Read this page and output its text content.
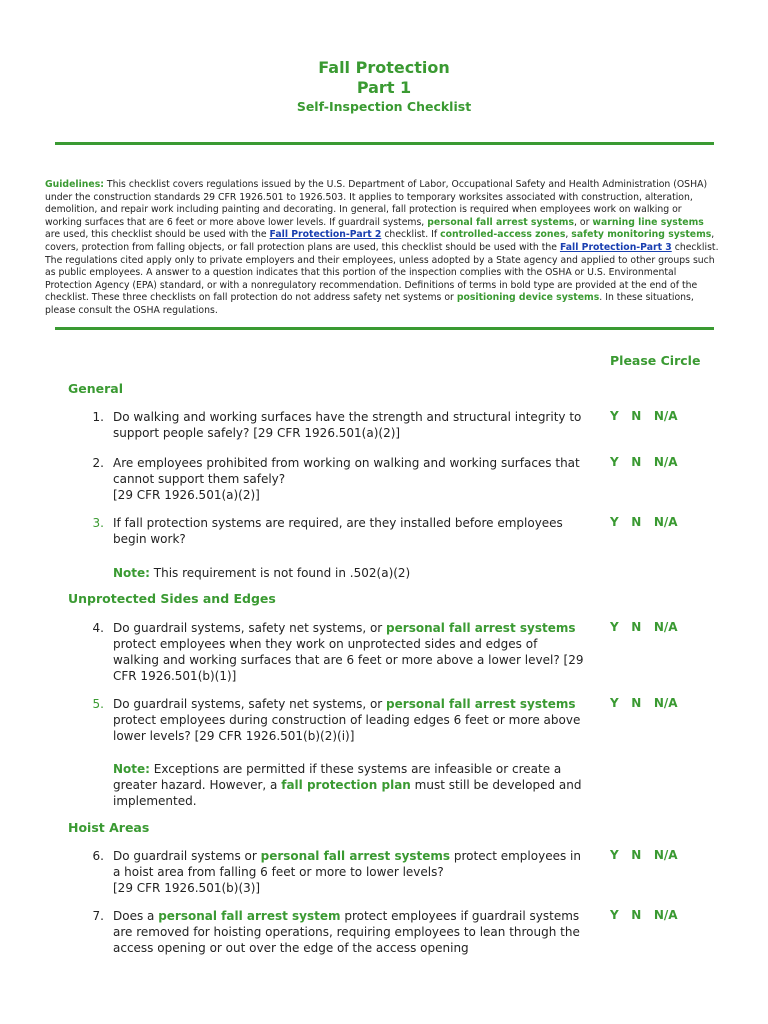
Fall Protection
Part 1
Self-Inspection Checklist
Guidelines: This checklist covers regulations issued by the U.S. Department of Labor, Occupational Safety and Health Administration (OSHA) under the construction standards 29 CFR 1926.501 to 1926.503. It applies to temporary worksites associated with construction, alteration, demolition, and repair work including painting and decorating. In general, fall protection is required when employees work on walking or working surfaces that are 6 feet or more above lower levels. If guardrail systems, personal fall arrest systems, or warning line systems are used, this checklist should be used with the Fall Protection-Part 2 checklist. If controlled-access zones, safety monitoring systems, covers, protection from falling objects, or fall protection plans are used, this checklist should be used with the Fall Protection-Part 3 checklist. The regulations cited apply only to private employers and their employees, unless adopted by a State agency and applied to other groups such as public employees. A answer to a question indicates that this portion of the inspection complies with the OSHA or U.S. Environmental Protection Agency (EPA) standard, or with a nonregulatory recommendation. Definitions of terms in bold type are provided at the end of the checklist. These three checklists on fall protection do not address safety net systems or positioning device systems. In these situations, please consult the OSHA regulations.
Please Circle
General
1. Do walking and working surfaces have the strength and structural integrity to support people safely? [29 CFR 1926.501(a)(2)]
Y N N/A
2. Are employees prohibited from working on walking and working surfaces that cannot support them safely?
[29 CFR 1926.501(a)(2)]
Y N N/A
3. If fall protection systems are required, are they installed before employees begin work?
Y N N/A
Note: This requirement is not found in .502(a)(2)
Unprotected Sides and Edges
4. Do guardrail systems, safety net systems, or personal fall arrest systems protect employees when they work on unprotected sides and edges of walking and working surfaces that are 6 feet or more above a lower level? [29 CFR 1926.501(b)(1)]
Y N N/A
5. Do guardrail systems, safety net systems, or personal fall arrest systems protect employees during construction of leading edges 6 feet or more above lower levels? [29 CFR 1926.501(b)(2)(i)]
Y N N/A
Note: Exceptions are permitted if these systems are infeasible or create a greater hazard. However, a fall protection plan must still be developed and implemented.
Hoist Areas
6. Do guardrail systems or personal fall arrest systems protect employees in a hoist area from falling 6 feet or more to lower levels?
[29 CFR 1926.501(b)(3)]
Y N N/A
7. Does a personal fall arrest system protect employees if guardrail systems are removed for hoisting operations, requiring employees to lean through the access opening or out over the edge of the access opening
Y N N/A
